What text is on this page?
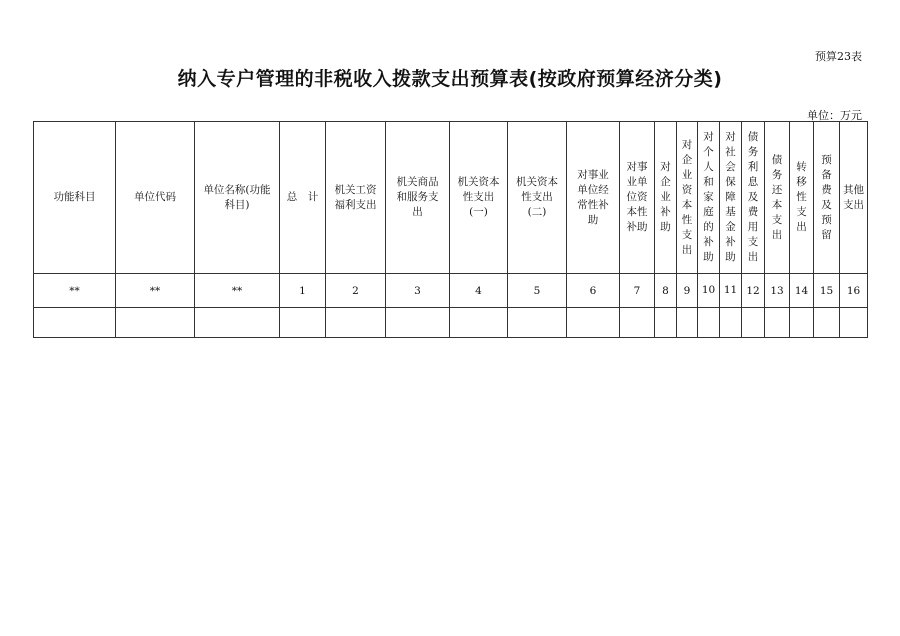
预算23表
纳入专户管理的非税收入拨款支出预算表(按政府预算经济分类)
单位：万元
功能科目	单位代码	单位名称(功能
科目)	总　计	机关工资
福利支出	机关商品
和服务支
出	机关资本
性支出
(一)	机关资本
性支出
(二)	对事业
单位经
常性补
助	对事
业单
位资
本性
补助	对企业补助	对企业资本性支出	对个人和家庭的补助	对社会保障基金补助	债务利息及费用支出	债务还本支出	转移性支出	预备费及预留	其他
支出
**	**	**	1	2	3	4	5	6	7	8	9	10	11	12	13	14	15	16
